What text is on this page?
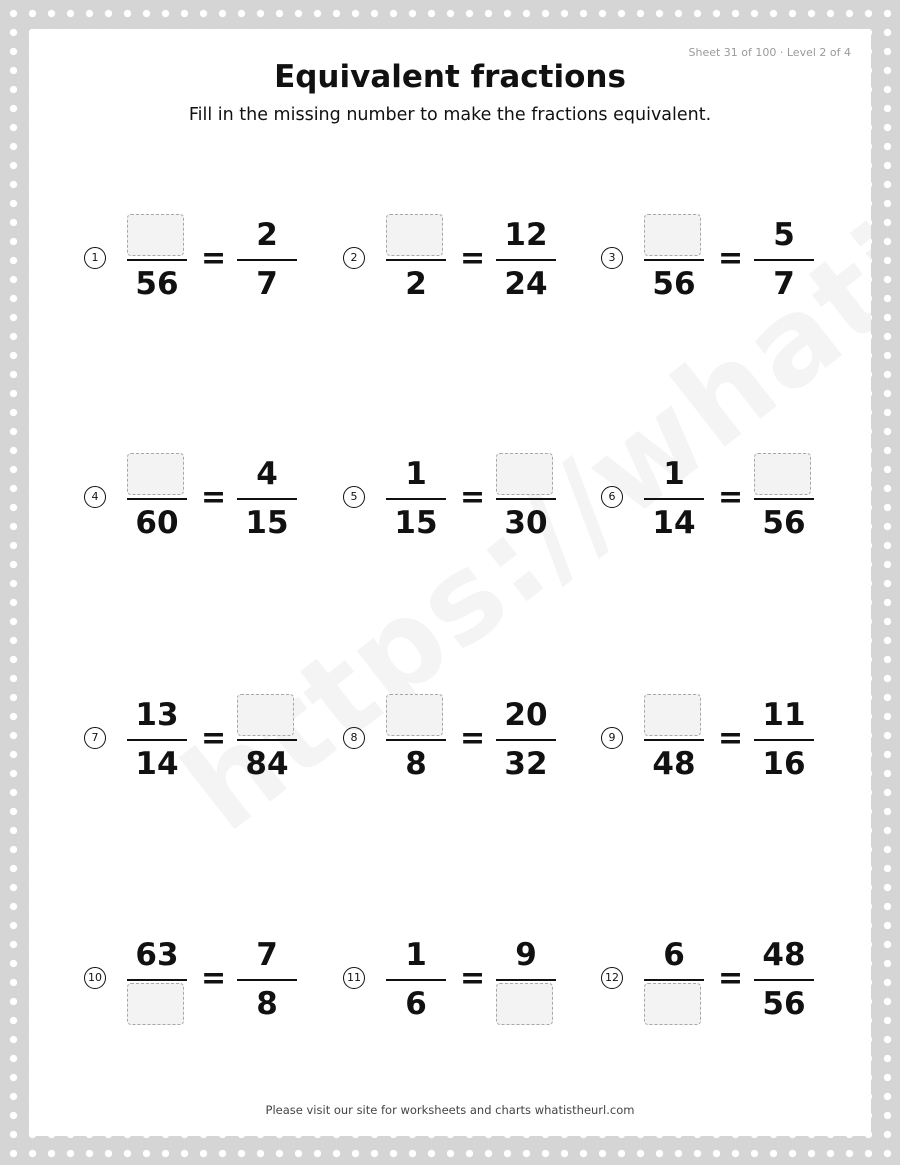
Sheet 31 of 100 · Level 2 of 4
Equivalent fractions

Fill in the missing number to make the fractions equivalent.

1
56
=
2
7
2
2
=
12
24
3
56
=
5
7
4
60
=
4
15
5
1
15
=
30
6
1
14
=
56
7
13
14
=
84
8
8
=
20
32
9
48
=
11
16
10
63
=
7
8
11
1
6
=
9
12
6
=
48
56
Please visit our site for worksheets and charts whatistheurl.com
